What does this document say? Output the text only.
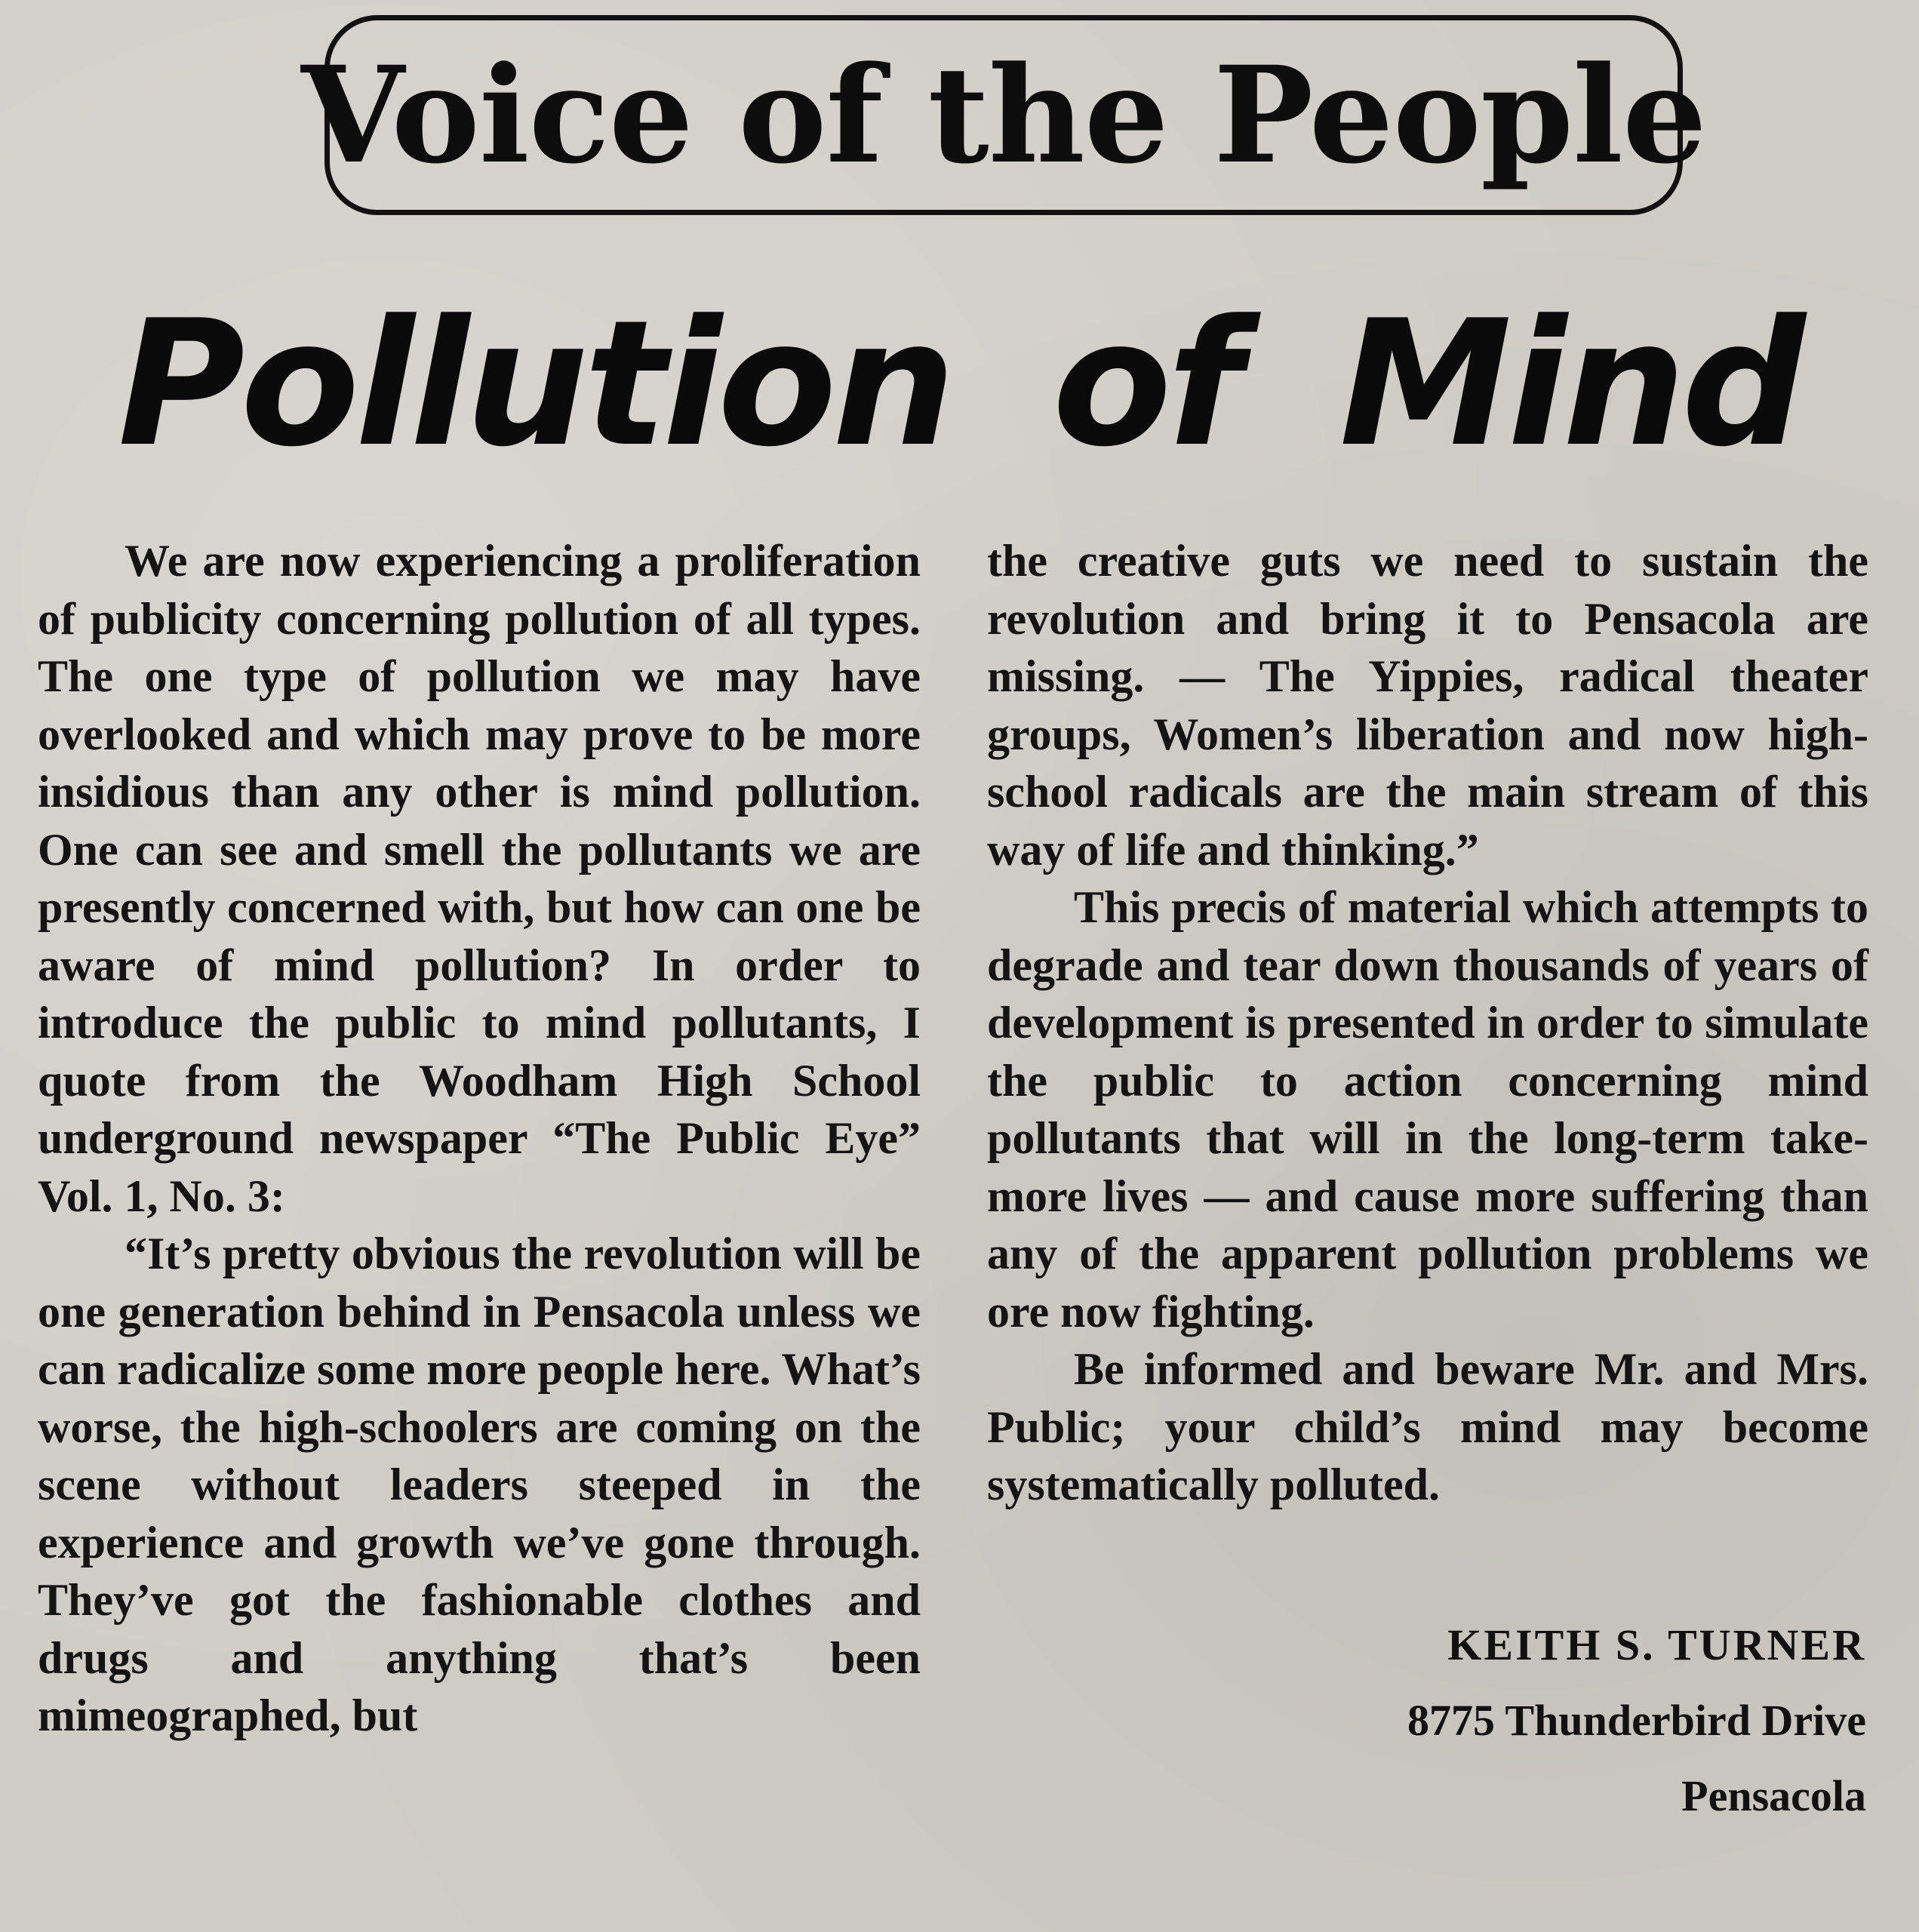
Voice of the People
Pollution of Mind

We are now experiencing a proliferation of publicity concerning pollution of all types. The one type of pollution we may have overlooked and which may prove to be more insidious than any other is mind pollution. One can see and smell the pollutants we are presently concerned with, but how can one be aware of mind pollution? In order to introduce the public to mind pollutants, I quote from the Woodham High School underground newspaper “The Public Eye” Vol. 1, No. 3:

“It’s pretty obvious the revolution will be one generation behind in Pensacola unless we can radicalize some more people here. What’s worse, the high-schoolers are coming on the scene without leaders steeped in the experience and growth we’ve gone through. They’ve got the fashionable clothes and drugs and anything that’s been mimeographed, but

the creative guts we need to sustain the revolution and bring it to Pensacola are missing. — The Yippies, radical theater groups, Women’s liberation and now high-school radicals are the main stream of this way of life and thinking.”

This precis of material which attempts to degrade and tear down thousands of years of development is presented in order to simulate the public to action concerning mind pollutants that will in the long-term take-more lives — and cause more suffering than any of the apparent pollution problems we ore now fighting.

Be informed and beware Mr. and Mrs. Public; your child’s mind may become systematically polluted.

KEITH S. TURNER
8775 Thunderbird Drive
Pensacola
